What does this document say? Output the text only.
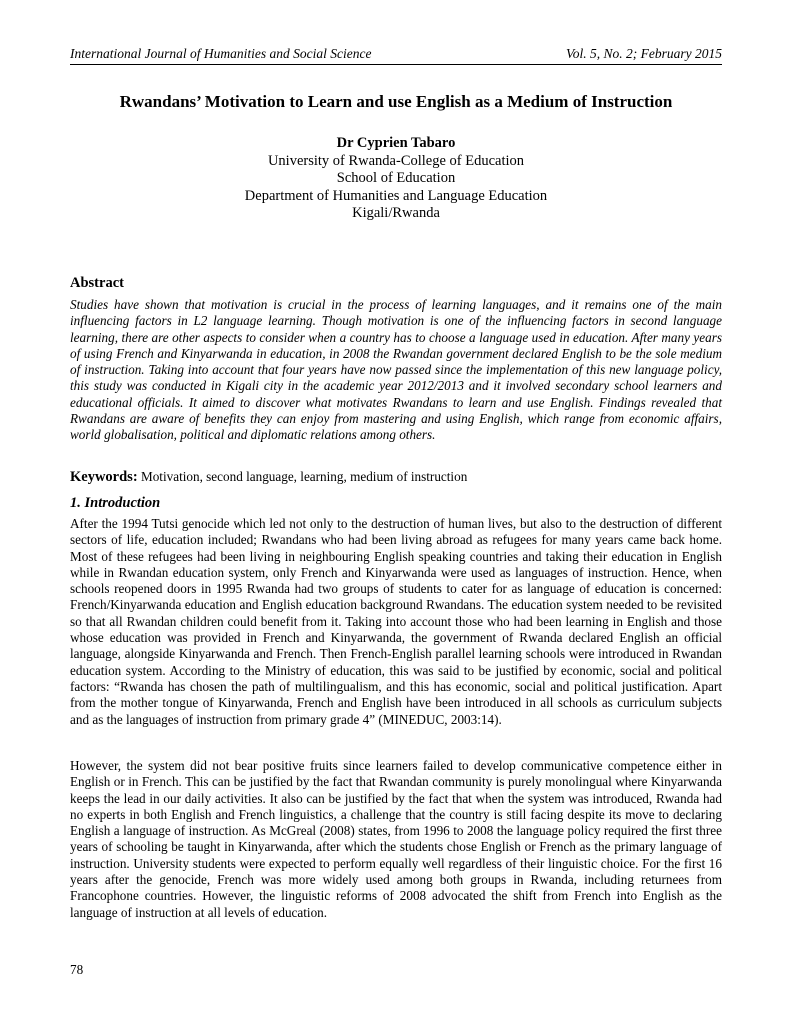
International Journal of Humanities and Social Science	Vol. 5, No. 2; February 2015
Rwandans’ Motivation to Learn and use English as a Medium of Instruction
Dr Cyprien Tabaro
University of Rwanda-College of Education
School of Education
Department of Humanities and Language Education
Kigali/Rwanda
Abstract
Studies have shown that motivation is crucial in the process of learning languages, and it remains one of the main influencing factors in L2 language learning. Though motivation is one of the influencing factors in second language learning, there are other aspects to consider when a country has to choose a language used in education. After many years of using French and Kinyarwanda in education, in 2008 the Rwandan government declared English to be the sole medium of instruction. Taking into account that four years have now passed since the implementation of this new language policy, this study was conducted in Kigali city in the academic year 2012/2013 and it involved secondary school learners and educational officials. It aimed to discover what motivates Rwandans to learn and use English. Findings revealed that Rwandans are aware of benefits they can enjoy from mastering and using English, which range from economic affairs, world globalisation, political and diplomatic relations among others.
Keywords: Motivation, second language, learning, medium of instruction
1. Introduction

After the 1994 Tutsi genocide which led not only to the destruction of human lives, but also to the destruction of different sectors of life, education included; Rwandans who had been living abroad as refugees for many years came back home. Most of these refugees had been living in neighbouring English speaking countries and taking their education in English while in Rwandan education system, only French and Kinyarwanda were used as languages of instruction. Hence, when schools reopened doors in 1995 Rwanda had two groups of students to cater for as language of education is concerned: French/Kinyarwanda education and English education background Rwandans. The education system needed to be revisited so that all Rwandan children could benefit from it. Taking into account those who had been learning in English and those whose education was provided in French and Kinyarwanda, the government of Rwanda declared English an official language, alongside Kinyarwanda and French. Then French-English parallel learning schools were introduced in Rwandan education system. According to the Ministry of education, this was said to be justified by economic, social and political factors: “Rwanda has chosen the path of multilingualism, and this has economic, social and political justification. Apart from the mother tongue of Kinyarwanda, French and English have been introduced in all schools as curriculum subjects and as the languages of instruction from primary grade 4” (MINEDUC, 2003:14).

However, the system did not bear positive fruits since learners failed to develop communicative competence either in English or in French. This can be justified by the fact that Rwandan community is purely monolingual where Kinyarwanda keeps the lead in our daily activities. It also can be justified by the fact that when the system was introduced, Rwanda had no experts in both English and French linguistics, a challenge that the country is still facing despite its move to declaring English a language of instruction. As McGreal (2008) states, from 1996 to 2008 the language policy required the first three years of schooling be taught in Kinyarwanda, after which the students chose English or French as the primary language of instruction. University students were expected to perform equally well regardless of their linguistic choice. For the first 16 years after the genocide, French was more widely used among both groups in Rwanda, including returnees from Francophone countries. However, the linguistic reforms of 2008 advocated the shift from French into English as the language of instruction at all levels of education.

78
